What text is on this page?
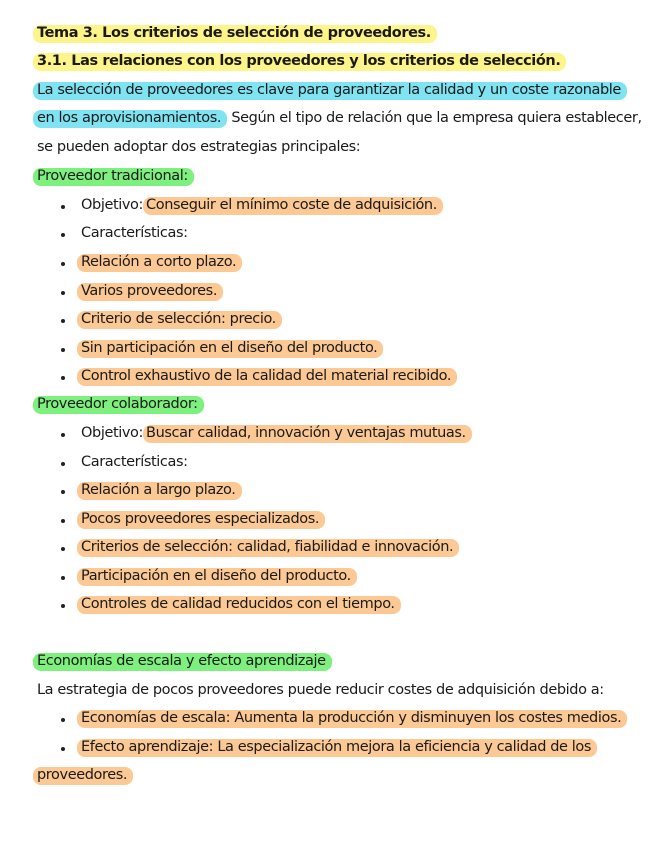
Tema 3. Los criterios de selección de proveedores.
3.1. Las relaciones con los proveedores y los criterios de selección.
La selección de proveedores es clave para garantizar la calidad y un coste razonable
en los aprovisionamientos. Según el tipo de relación que la empresa quiera establecer,
se pueden adoptar dos estrategias principales:
Proveedor tradicional:
Objetivo: Conseguir el mínimo coste de adquisición.
Características:
Relación a corto plazo.
Varios proveedores.
Criterio de selección: precio.
Sin participación en el diseño del producto.
Control exhaustivo de la calidad del material recibido.
Proveedor colaborador:
Objetivo: Buscar calidad, innovación y ventajas mutuas.
Características:
Relación a largo plazo.
Pocos proveedores especializados.
Criterios de selección: calidad, fiabilidad e innovación.
Participación en el diseño del producto.
Controles de calidad reducidos con el tiempo.
Economías de escala y efecto aprendizaje
La estrategia de pocos proveedores puede reducir costes de adquisición debido a:
Economías de escala: Aumenta la producción y disminuyen los costes medios.
Efecto aprendizaje: La especialización mejora la eficiencia y calidad de los
proveedores.
